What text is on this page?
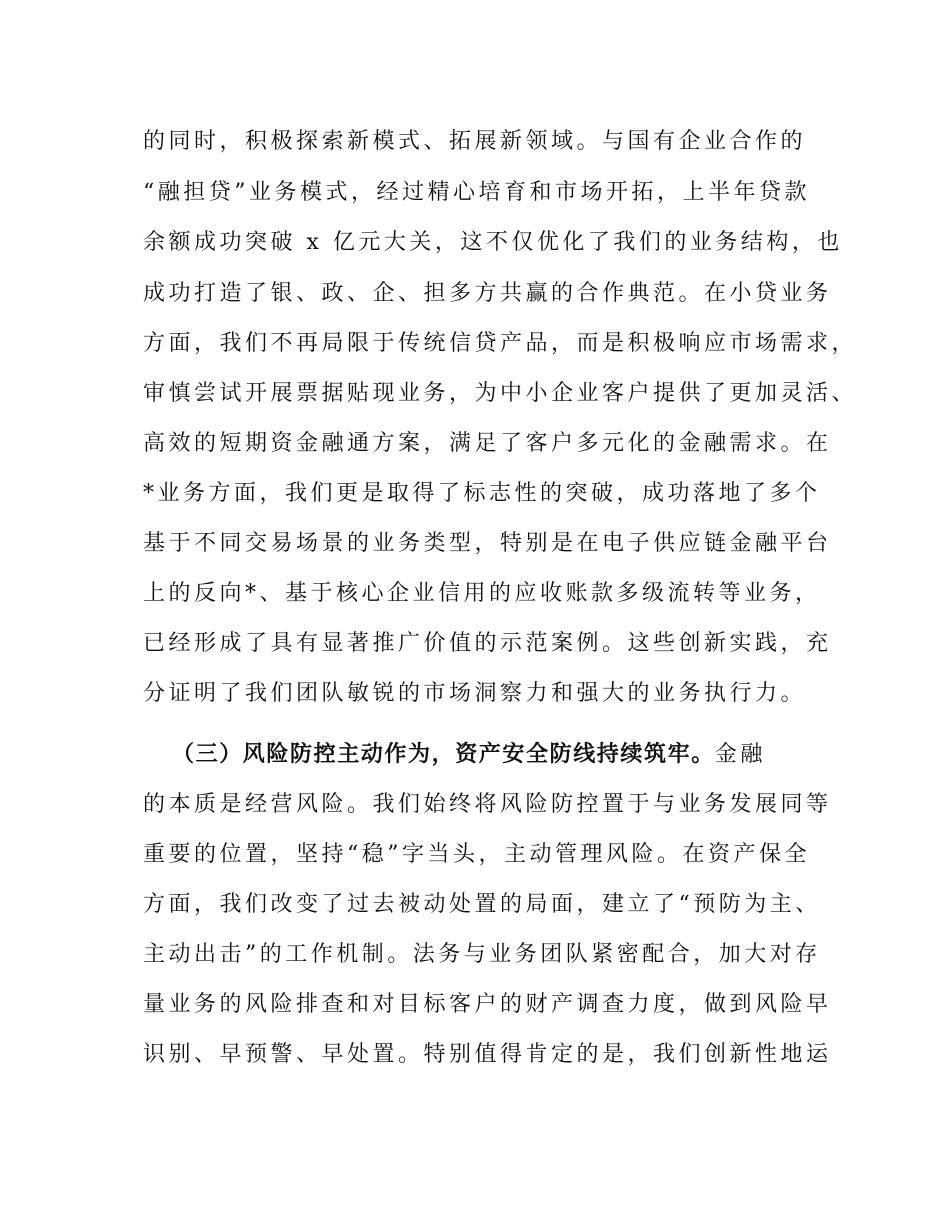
的同时，积极探索新模式、拓展新领域。与国有企业合作的
“融担贷”业务模式，经过精心培育和市场开拓，上半年贷款
余额成功突破 x 亿元大关，这不仅优化了我们的业务结构，也
成功打造了银、政、企、担多方共赢的合作典范。在小贷业务
方面，我们不再局限于传统信贷产品，而是积极响应市场需求，
审慎尝试开展票据贴现业务，为中小企业客户提供了更加灵活、
高效的短期资金融通方案，满足了客户多元化的金融需求。在
*业务方面，我们更是取得了标志性的突破，成功落地了多个
基于不同交易场景的业务类型，特别是在电子供应链金融平台
上的反向*、基于核心企业信用的应收账款多级流转等业务，
已经形成了具有显著推广价值的示范案例。这些创新实践，充
分证明了我们团队敏锐的市场洞察力和强大的业务执行力。
（三）风险防控主动作为，资产安全防线持续筑牢。金融
的本质是经营风险。我们始终将风险防控置于与业务发展同等
重要的位置，坚持“稳”字当头，主动管理风险。在资产保全
方面，我们改变了过去被动处置的局面，建立了“预防为主、
主动出击”的工作机制。法务与业务团队紧密配合，加大对存
量业务的风险排查和对目标客户的财产调查力度，做到风险早
识别、早预警、早处置。特别值得肯定的是，我们创新性地运
